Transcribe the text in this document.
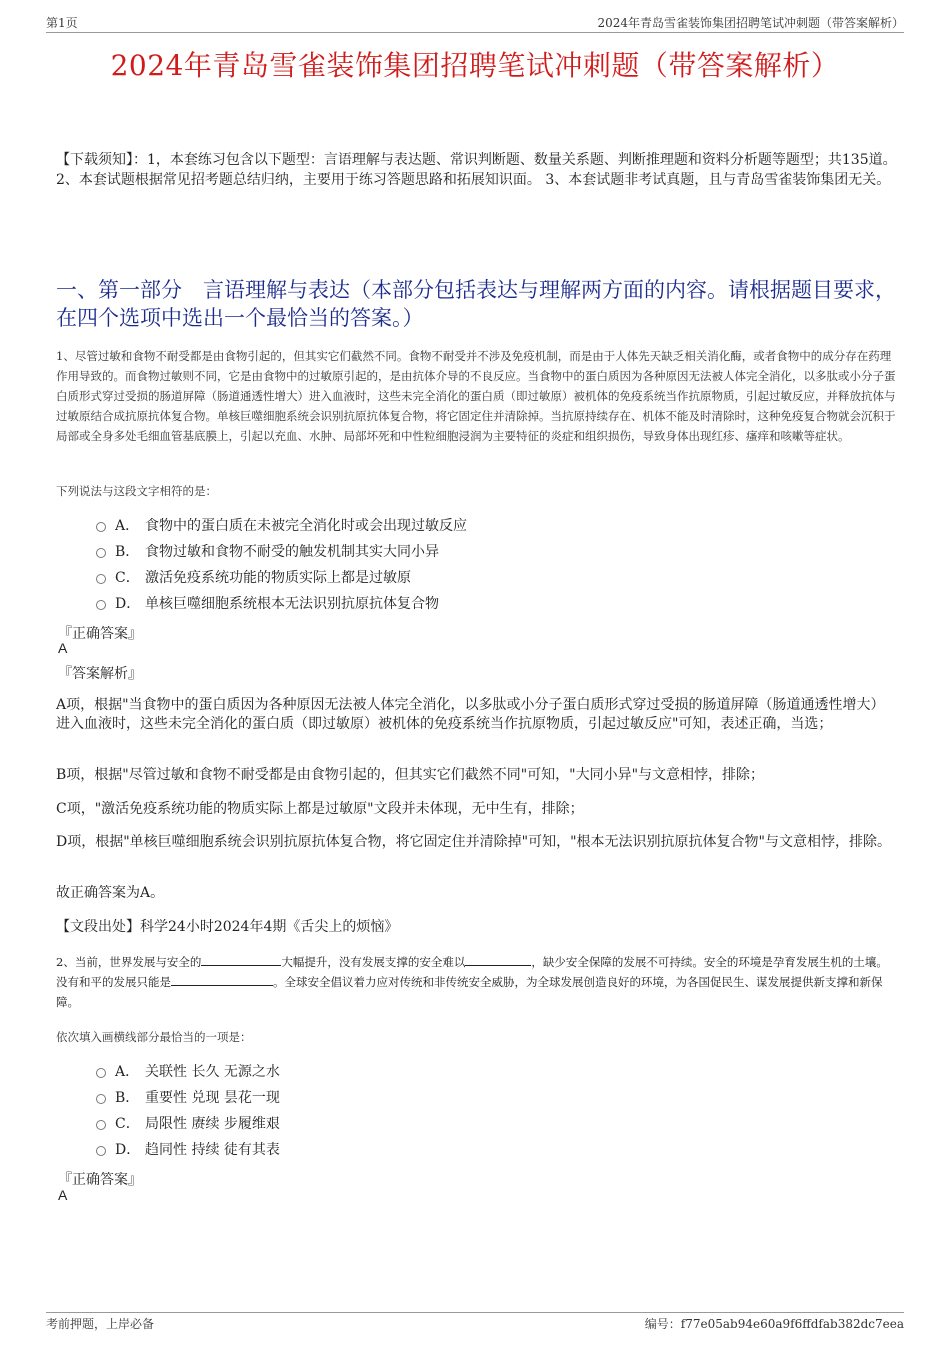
第1页	2024年青岛雪雀装饰集团招聘笔试冲刺题（带答案解析）
2024年青岛雪雀装饰集团招聘笔试冲刺题（带答案解析）
【下载须知】：1，本套练习包含以下题型：言语理解与表达题、常识判断题、数量关系题、判断推理题和资料分析题等题型；共135道。 2、本套试题根据常见招考题总结归纳，主要用于练习答题思路和拓展知识面。 3、本套试题非考试真题，且与青岛雪雀装饰集团无关。
一、第一部分　言语理解与表达（本部分包括表达与理解两方面的内容。请根据题目要求，在四个选项中选出一个最恰当的答案。）
1、尽管过敏和食物不耐受都是由食物引起的，但其实它们截然不同。食物不耐受并不涉及免疫机制，而是由于人体先天缺乏相关消化酶，或者食物中的成分存在药理作用导致的。而食物过敏则不同，它是由食物中的过敏原引起的，是由抗体介导的不良反应。当食物中的蛋白质因为各种原因无法被人体完全消化，以多肽或小分子蛋白质形式穿过受损的肠道屏障（肠道通透性增大）进入血液时，这些未完全消化的蛋白质（即过敏原）被机体的免疫系统当作抗原物质，引起过敏反应，并释放抗体与过敏原结合成抗原抗体复合物。单核巨噬细胞系统会识别抗原抗体复合物，将它固定住并清除掉。当抗原持续存在、机体不能及时清除时，这种免疫复合物就会沉积于局部或全身多处毛细血管基底膜上，引起以充血、水肿、局部坏死和中性粒细胞浸润为主要特征的炎症和组织损伤，导致身体出现红疹、瘙痒和咳嗽等症状。
下列说法与这段文字相符的是：
A． 食物中的蛋白质在未被完全消化时或会出现过敏反应
B． 食物过敏和食物不耐受的触发机制其实大同小异
C． 激活免疫系统功能的物质实际上都是过敏原
D． 单核巨噬细胞系统根本无法识别抗原抗体复合物
『正确答案』
A
『答案解析』
A项，根据"当食物中的蛋白质因为各种原因无法被人体完全消化，以多肽或小分子蛋白质形式穿过受损的肠道屏障（肠道通透性增大）进入血液时，这些未完全消化的蛋白质（即过敏原）被机体的免疫系统当作抗原物质，引起过敏反应"可知，表述正确，当选；
B项，根据"尽管过敏和食物不耐受都是由食物引起的，但其实它们截然不同"可知，"大同小异"与文意相悖，排除；
C项，"激活免疫系统功能的物质实际上都是过敏原"文段并未体现，无中生有，排除；
D项，根据"单核巨噬细胞系统会识别抗原抗体复合物，将它固定住并清除掉"可知，"根本无法识别抗原抗体复合物"与文意相悖，排除。
故正确答案为A。
【文段出处】科学24小时2024年4期《舌尖上的烦恼》
2、当前，世界发展与安全的	大幅提升，没有发展支撑的安全难以	，缺少安全保障的发展不可持续。安全的环境是孕育发展生机的土壤。没有和平的发展只能是	。全球安全倡议着力应对传统和非传统安全威胁，为全球发展创造良好的环境，为各国促民生、谋发展提供新支撑和新保障。
依次填入画横线部分最恰当的一项是：
A． 关联性 长久 无源之水
B． 重要性 兑现 昙花一现
C． 局限性 赓续 步履维艰
D． 趋同性 持续 徒有其表
『正确答案』
A
考前押题，上岸必备	编号：f77e05ab94e60a9f6ffdfab382dc7eea
